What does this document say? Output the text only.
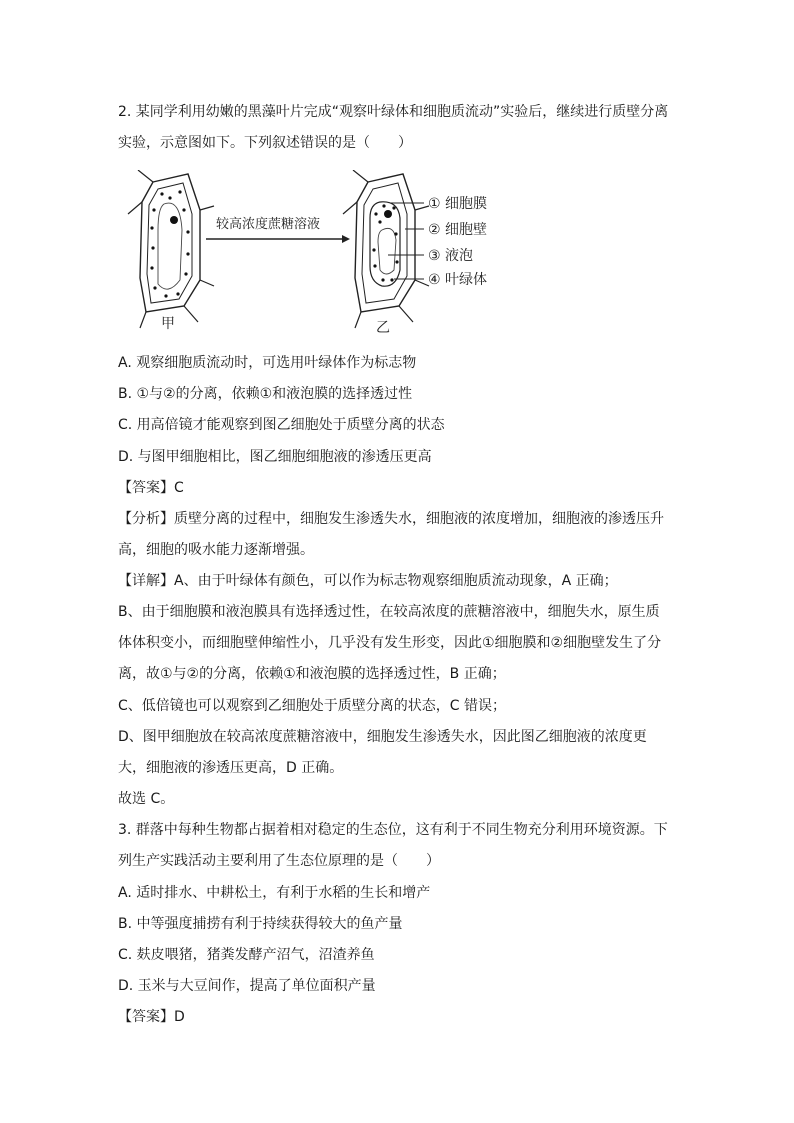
2. 某同学利用幼嫩的黑藻叶片完成“观察叶绿体和细胞质流动”实验后，继续进行质壁分离
实验，示意图如下。下列叙述错误的是（　　）
甲
较高浓度蔗糖溶液
乙
① 细胞膜
② 细胞壁
③ 液泡
④ 叶绿体
A. 观察细胞质流动时，可选用叶绿体作为标志物
B. ①与②的分离，依赖①和液泡膜的选择透过性
C. 用高倍镜才能观察到图乙细胞处于质壁分离的状态
D. 与图甲细胞相比，图乙细胞细胞液的渗透压更高
【答案】C
【分析】质壁分离的过程中，细胞发生渗透失水，细胞液的浓度增加，细胞液的渗透压升
高，细胞的吸水能力逐渐增强。
【详解】A、由于叶绿体有颜色，可以作为标志物观察细胞质流动现象，A 正确；
B、由于细胞膜和液泡膜具有选择透过性，在较高浓度的蔗糖溶液中，细胞失水，原生质
体体积变小，而细胞壁伸缩性小，几乎没有发生形变，因此①细胞膜和②细胞壁发生了分
离，故①与②的分离，依赖①和液泡膜的选择透过性，B 正确；
C、低倍镜也可以观察到乙细胞处于质壁分离的状态，C 错误；
D、图甲细胞放在较高浓度蔗糖溶液中，细胞发生渗透失水，因此图乙细胞液的浓度更
大，细胞液的渗透压更高，D 正确。
故选 C。
3. 群落中每种生物都占据着相对稳定的生态位，这有利于不同生物充分利用环境资源。下
列生产实践活动主要利用了生态位原理的是（　　）
A. 适时排水、中耕松土，有利于水稻的生长和增产
B. 中等强度捕捞有利于持续获得较大的鱼产量
C. 麸皮喂猪，猪粪发酵产沼气，沼渣养鱼
D. 玉米与大豆间作，提高了单位面积产量
【答案】D
